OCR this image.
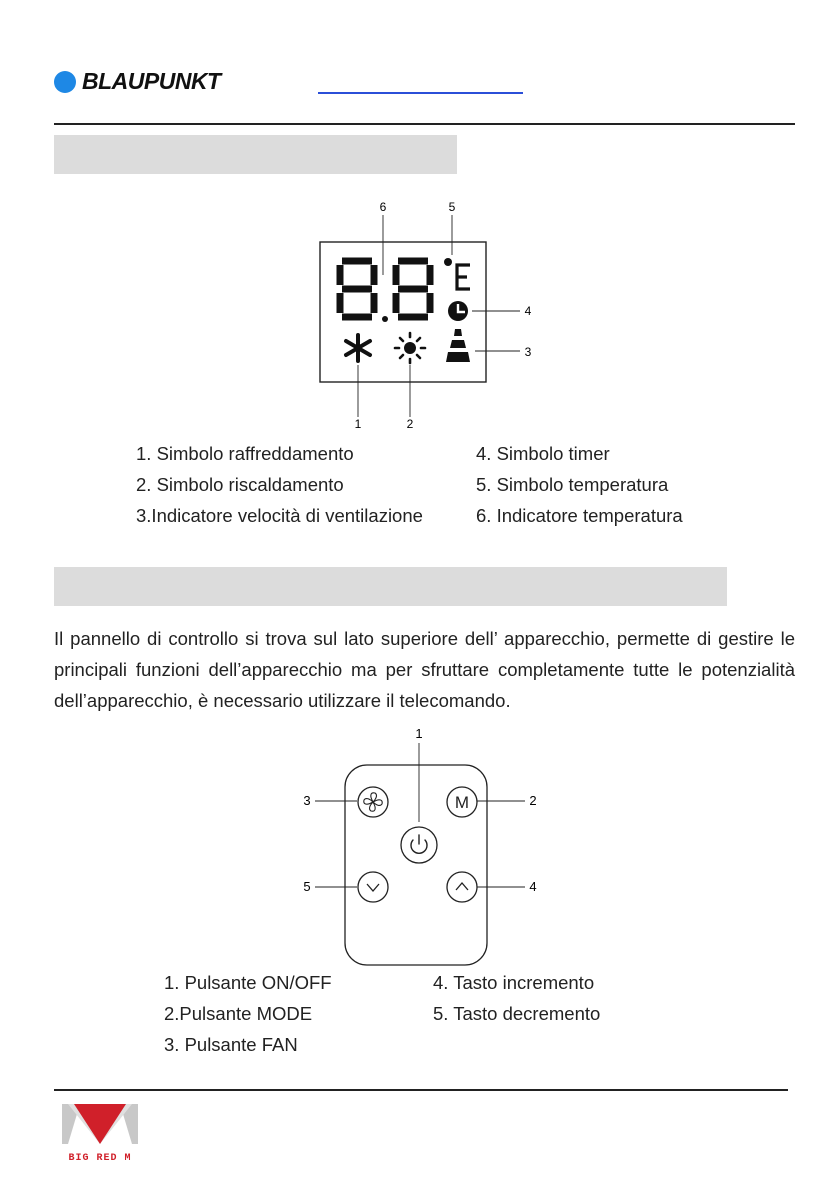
BLAUPUNKT
6	5
4
3
1	2
1. Simbolo raffreddamento
2. Simbolo riscaldamento
3.Indicatore velocità di ventilazione
4. Simbolo timer
5. Simbolo temperatura
6. Indicatore temperatura
Il pannello di controllo si trova sul lato superiore dell’ apparecchio, permette di gestire le principali funzioni dell’apparecchio ma per sfruttare completamente tutte le potenzialità dell’apparecchio, è necessario utilizzare il telecomando.
1
2
3
4
5
M
1. Pulsante ON/OFF
2.Pulsante MODE
3. Pulsante FAN
4. Tasto incremento
5. Tasto decremento
BIG RED M
